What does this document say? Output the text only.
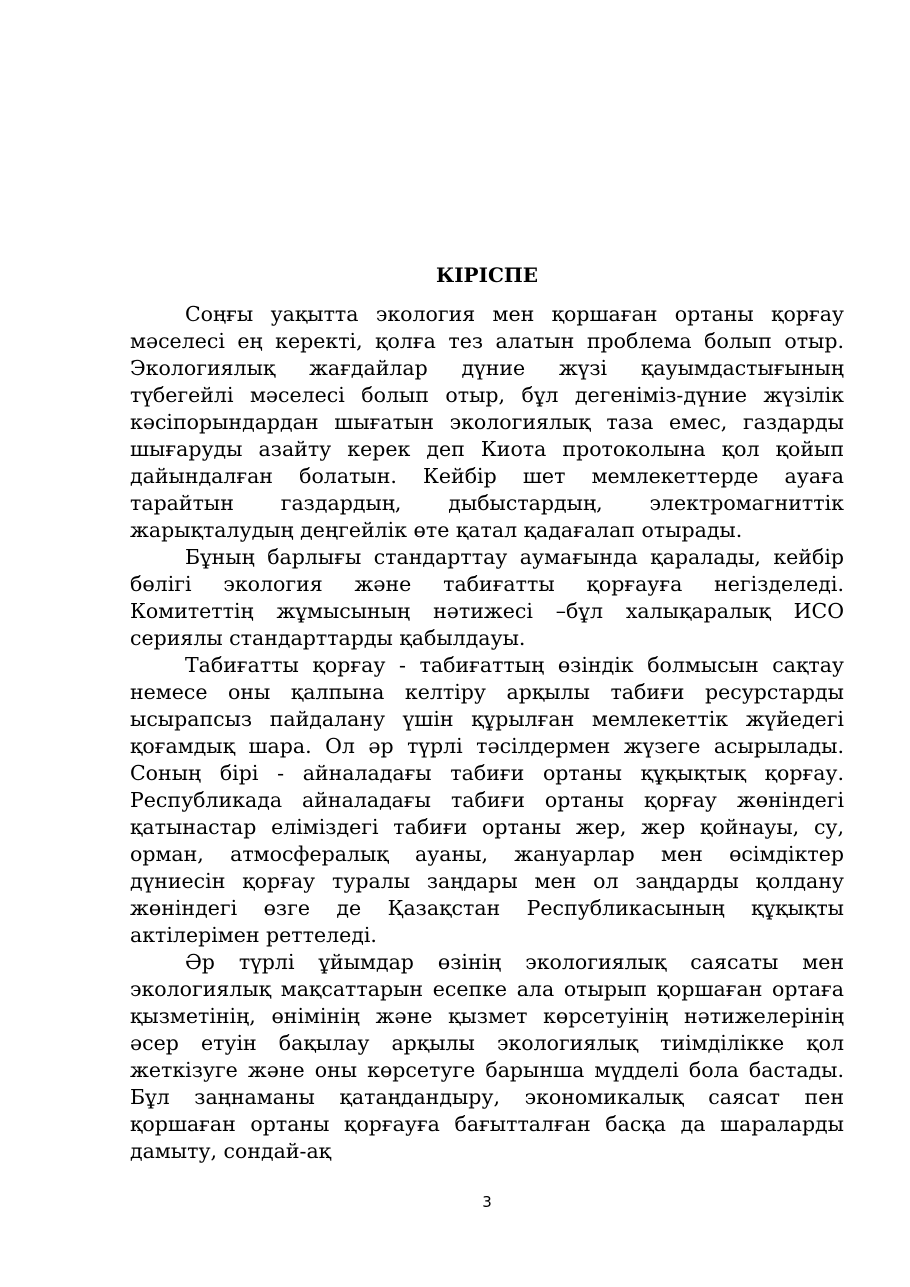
КІРІСПЕ

Соңғы уақытта экология мен қоршаған ортаны қорғау мәселесі ең керекті, қолға тез алатын проблема болып отыр. Экологиялық жағдайлар дүние жүзі қауымдастығының түбегейлі мәселесі болып отыр, бұл дегеніміз-дүние жүзілік кәсіпорындардан шығатын экологиялық таза емес, газдарды шығаруды азайту керек деп Киота протоколына қол қойып дайындалған болатын. Кейбір шет мемлекеттерде ауаға тарайтын газдардың, дыбыстардың, электромагниттік жарықталудың деңгейлік өте қатал қадағалап отырады.

Бұның барлығы стандарттау аумағында қаралады, кейбір бөлігі экология және табиғатты қорғауға негізделеді. Комитеттің жұмысының нәтижесі –бұл халықаралық ИСО сериялы стандарттарды қабылдауы.

Табиғатты қорғау - табиғаттың өзіндік болмысын сақтау немесе оны қалпына келтіру арқылы табиғи ресурстарды ысырапсыз пайдалану үшін құрылған мемлекеттік жүйедегі қоғамдық шара. Ол әр түрлі тәсілдермен жүзеге асырылады. Соның бірі - айналадағы табиғи ортаны құқықтық қорғау. Республикада айналадағы табиғи ортаны қорғау жөніндегі қатынастар еліміздегі табиғи ортаны жер, жер қойнауы, су, орман, атмосфералық ауаны, жануарлар мен өсімдіктер дүниесін қорғау туралы заңдары мен ол заңдарды қолдану жөніндегі өзге де Қазақстан Республикасының құқықты актілерімен реттеледі.

Әр түрлі ұйымдар өзінің экологиялық саясаты мен экологиялық мақсаттарын есепке ала отырып қоршаған ортаға қызметінің, өнімінің және қызмет көрсетуінің нәтижелерінің әсер етуін бақылау арқылы экологиялық тиімділікке қол жеткізуге және оны көрсетуге барынша мүдделі бола бастады. Бұл заңнаманы қатаңдандыру, экономикалық саясат пен қоршаған ортаны қорғауға бағытталған басқа да шараларды дамыту, сондай-ақ

3
